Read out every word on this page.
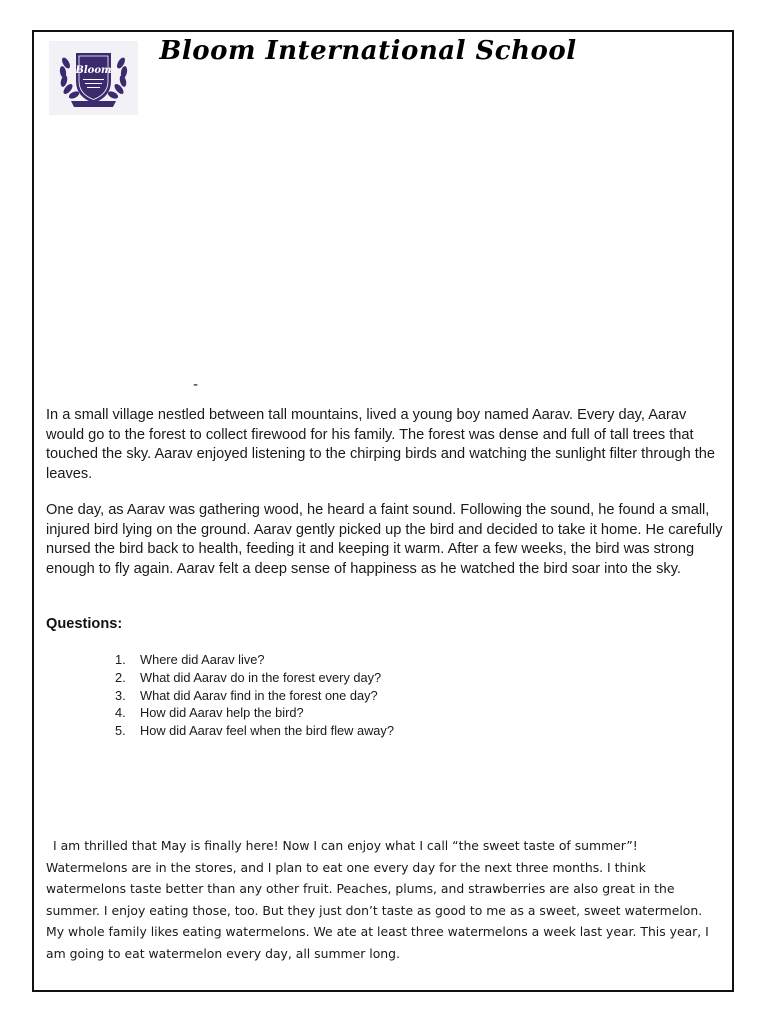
Bloom
Bloom International School
-

In a small village nestled between tall mountains, lived a young boy named Aarav. Every day, Aarav would go to the forest to collect firewood for his family. The forest was dense and full of tall trees that touched the sky. Aarav enjoyed listening to the chirping birds and watching the sunlight filter through the leaves.

One day, as Aarav was gathering wood, he heard a faint sound. Following the sound, he found a small, injured bird lying on the ground. Aarav gently picked up the bird and decided to take it home. He carefully nursed the bird back to health, feeding it and keeping it warm. After a few weeks, the bird was strong enough to fly again. Aarav felt a deep sense of happiness as he watched the bird soar into the sky.

Questions:

1.	Where did Aarav live?
2.	What did Aarav do in the forest every day?
3.	What did Aarav find in the forest one day?
4.	How did Aarav help the bird?
5.	How did Aarav feel when the bird flew away?

I am thrilled that May is finally here! Now I can enjoy what I call “the sweet taste of summer”! Watermelons are in the stores, and I plan to eat one every day for the next three months. I think watermelons taste better than any other fruit. Peaches, plums, and strawberries are also great in the summer. I enjoy eating those, too. But they just don’t taste as good to me as a sweet, sweet watermelon. My whole family likes eating watermelons. We ate at least three watermelons a week last year. This year, I am going to eat watermelon every day, all summer long.
